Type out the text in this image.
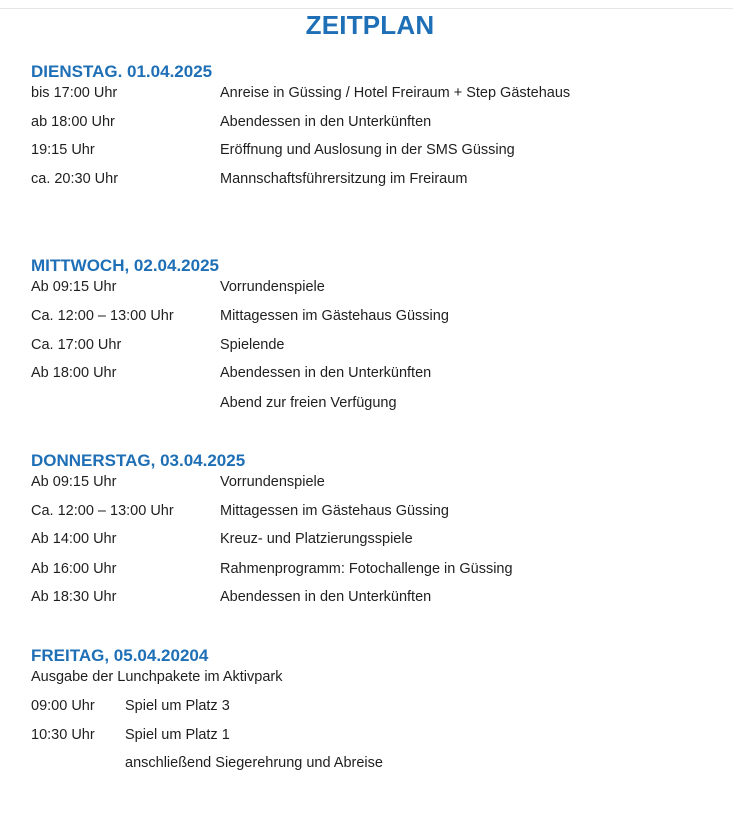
ZEITPLAN
DIENSTAG. 01.04.2025
bis 17:00 Uhr	Anreise in Güssing / Hotel Freiraum + Step Gästehaus
ab 18:00 Uhr	Abendessen in den Unterkünften
19:15 Uhr	Eröffnung und Auslosung in der SMS Güssing
ca. 20:30 Uhr	Mannschaftsführersitzung im Freiraum
MITTWOCH, 02.04.2025
Ab 09:15 Uhr	Vorrundenspiele
Ca. 12:00 – 13:00 Uhr	Mittagessen im Gästehaus Güssing
Ca. 17:00 Uhr	Spielende
Ab 18:00 Uhr	Abendessen in den Unterkünften
Abend zur freien Verfügung
DONNERSTAG, 03.04.2025
Ab 09:15 Uhr	Vorrundenspiele
Ca. 12:00 – 13:00 Uhr	Mittagessen im Gästehaus Güssing
Ab 14:00 Uhr	Kreuz- und Platzierungsspiele
Ab 16:00 Uhr	Rahmenprogramm: Fotochallenge in Güssing
Ab 18:30 Uhr	Abendessen in den Unterkünften
FREITAG, 05.04.20204
Ausgabe der Lunchpakete im Aktivpark
09:00 Uhr Spiel um Platz 3
10:30 Uhr Spiel um Platz 1
anschließend Siegerehrung und Abreise
